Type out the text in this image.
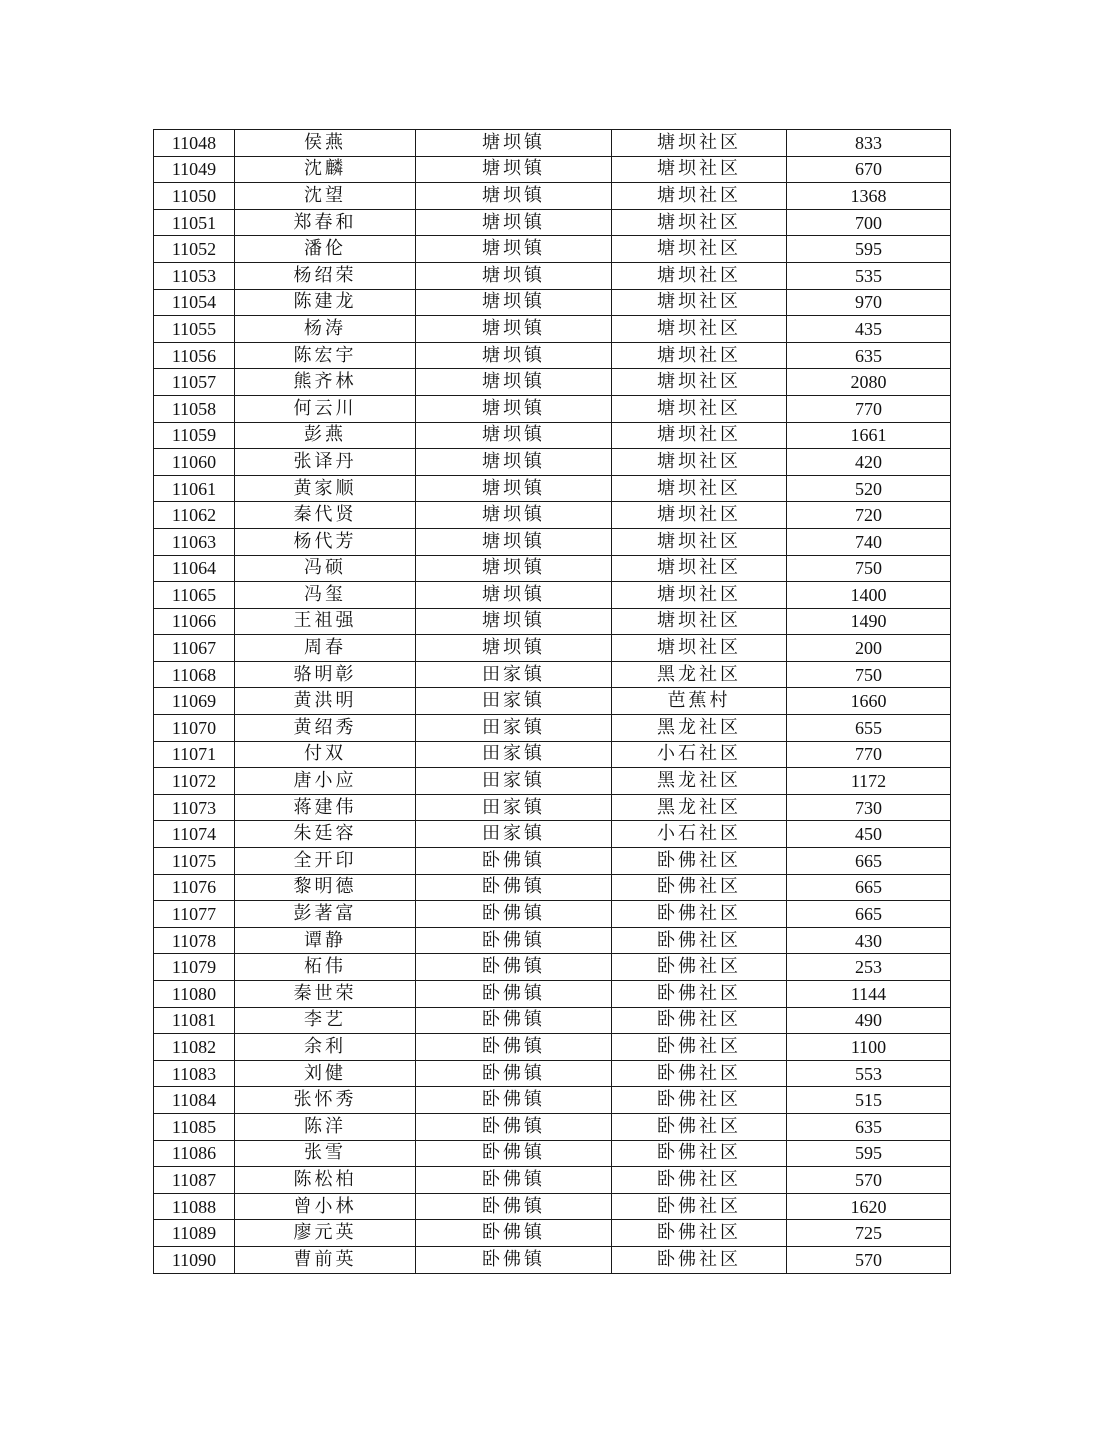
11048	侯燕	塘坝镇	塘坝社区	833
11049	沈麟	塘坝镇	塘坝社区	670
11050	沈望	塘坝镇	塘坝社区	1368
11051	郑春和	塘坝镇	塘坝社区	700
11052	潘伦	塘坝镇	塘坝社区	595
11053	杨绍荣	塘坝镇	塘坝社区	535
11054	陈建龙	塘坝镇	塘坝社区	970
11055	杨涛	塘坝镇	塘坝社区	435
11056	陈宏宇	塘坝镇	塘坝社区	635
11057	熊齐林	塘坝镇	塘坝社区	2080
11058	何云川	塘坝镇	塘坝社区	770
11059	彭燕	塘坝镇	塘坝社区	1661
11060	张译丹	塘坝镇	塘坝社区	420
11061	黄家顺	塘坝镇	塘坝社区	520
11062	秦代贤	塘坝镇	塘坝社区	720
11063	杨代芳	塘坝镇	塘坝社区	740
11064	冯硕	塘坝镇	塘坝社区	750
11065	冯玺	塘坝镇	塘坝社区	1400
11066	王祖强	塘坝镇	塘坝社区	1490
11067	周春	塘坝镇	塘坝社区	200
11068	骆明彰	田家镇	黑龙社区	750
11069	黄洪明	田家镇	芭蕉村	1660
11070	黄绍秀	田家镇	黑龙社区	655
11071	付双	田家镇	小石社区	770
11072	唐小应	田家镇	黑龙社区	1172
11073	蒋建伟	田家镇	黑龙社区	730
11074	朱廷容	田家镇	小石社区	450
11075	全开印	卧佛镇	卧佛社区	665
11076	黎明德	卧佛镇	卧佛社区	665
11077	彭著富	卧佛镇	卧佛社区	665
11078	谭静	卧佛镇	卧佛社区	430
11079	柘伟	卧佛镇	卧佛社区	253
11080	秦世荣	卧佛镇	卧佛社区	1144
11081	李艺	卧佛镇	卧佛社区	490
11082	余利	卧佛镇	卧佛社区	1100
11083	刘健	卧佛镇	卧佛社区	553
11084	张怀秀	卧佛镇	卧佛社区	515
11085	陈洋	卧佛镇	卧佛社区	635
11086	张雪	卧佛镇	卧佛社区	595
11087	陈松柏	卧佛镇	卧佛社区	570
11088	曾小林	卧佛镇	卧佛社区	1620
11089	廖元英	卧佛镇	卧佛社区	725
11090	曹前英	卧佛镇	卧佛社区	570
